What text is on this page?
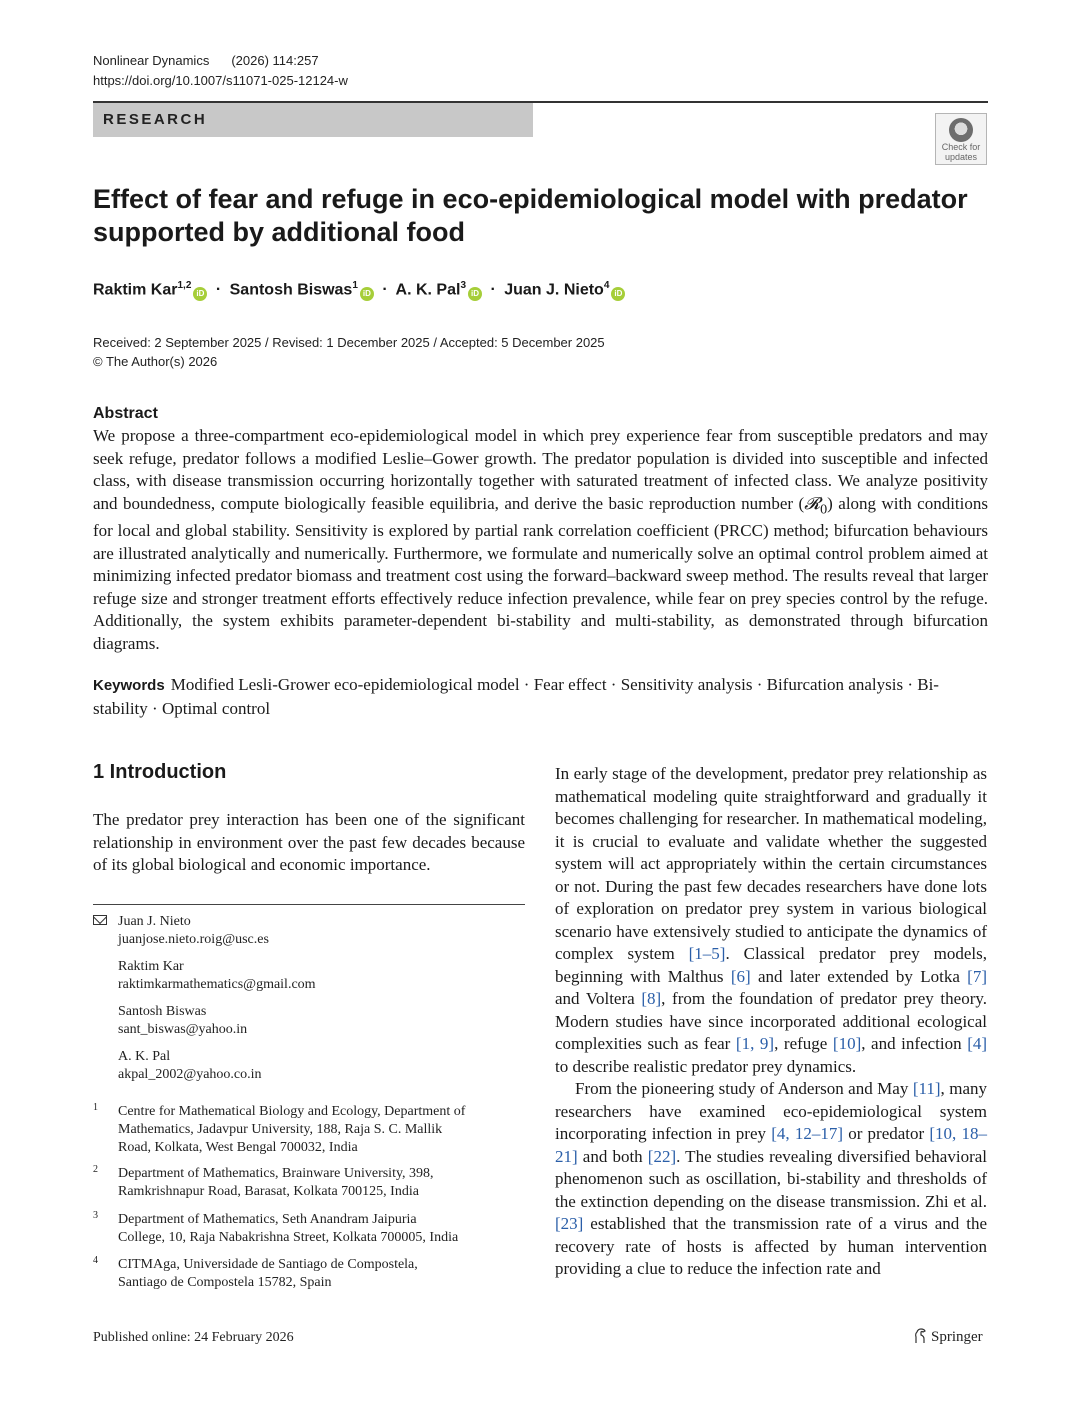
Nonlinear Dynamics (2026) 114:257
https://doi.org/10.1007/s11071-025-12124-w
RESEARCH
Check for
updates
Effect of fear and refuge in eco-epidemiological model with predator
supported by additional food
Raktim Kar$^{1,2}$iD · Santosh Biswas$^1$iD · A. K. Pal$^3$iD · Juan J. Nieto$^4$iD
Received: 2 September 2025 / Revised: 1 December 2025 / Accepted: 5 December 2025
© The Author(s) 2026
Abstract

We propose a three-compartment eco-epidemiological model in which prey experience fear from susceptible predators and may seek refuge, predator follows a modified Leslie–Gower growth. The predator population is divided into susceptible and infected class, with disease transmission occurring horizontally together with saturated treatment of infected class. We analyze positivity and boundedness, compute biologically feasible equilibria, and derive the basic reproduction number (𝓡$_0$) along with conditions for local and global stability. Sensitivity is explored by partial rank correlation coefficient (PRCC) method; bifurcation behaviours are illustrated analytically and numerically. Furthermore, we formulate and numerically solve an optimal control problem aimed at minimizing infected predator biomass and treatment cost using the forward–backward sweep method. The results reveal that larger refuge size and stronger treatment efforts effectively reduce infection prevalence, while fear on prey species control by the refuge. Additionally, the system exhibits parameter-dependent bi-stability and multi-stability, as demonstrated through bifurcation diagrams.

Keywords Modified Lesli-Grower eco-epidemiological model · Fear effect · Sensitivity analysis · Bifurcation analysis · Bi-stability · Optimal control

1 Introduction

The predator prey interaction has been one of the significant relationship in environment over the past few decades because of its global biological and economic importance.

Juan J. Nieto
juanjose.nieto.roig@usc.es
Raktim Kar
raktimkarmathematics@gmail.com
Santosh Biswas
sant_biswas@yahoo.in
A. K. Pal
akpal_2002@yahoo.co.in
1 Centre for Mathematical Biology and Ecology, Department of
Mathematics, Jadavpur University, 188, Raja S. C. Mallik
Road, Kolkata, West Bengal 700032, India
2 Department of Mathematics, Brainware University, 398,
Ramkrishnapur Road, Barasat, Kolkata 700125, India
3 Department of Mathematics, Seth Anandram Jaipuria
College, 10, Raja Nabakrishna Street, Kolkata 700005, India
4 CITMAga, Universidade de Santiago de Compostela,
Santiago de Compostela 15782, Spain

In early stage of the development, predator prey relationship as mathematical modeling quite straightforward and gradually it becomes challenging for researcher. In mathematical modeling, it is crucial to evaluate and validate whether the suggested system will act appropriately within the certain circumstances or not. During the past few decades researchers have done lots of exploration on predator prey system in various biological scenario have extensively studied to anticipate the dynamics of complex system [1–5]. Classical predator prey models, beginning with Malthus [6] and later extended by Lotka [7] and Voltera [8], from the foundation of predator prey theory. Modern studies have since incorporated additional ecological complexities such as fear [1, 9], refuge [10], and infection [4] to describe realistic predator prey dynamics.

From the pioneering study of Anderson and May [11], many researchers have examined eco-epidemiological system incorporating infection in prey [4, 12–17] or predator [10, 18–21] and both [22]. The studies revealing diversified behavioral phenomenon such as oscillation, bi-stability and thresholds of the extinction depending on the disease transmission. Zhi et al. [23] established that the transmission rate of a virus and the recovery rate of hosts is affected by human intervention providing a clue to reduce the infection rate and

Published online: 24 February 2026	Springer
